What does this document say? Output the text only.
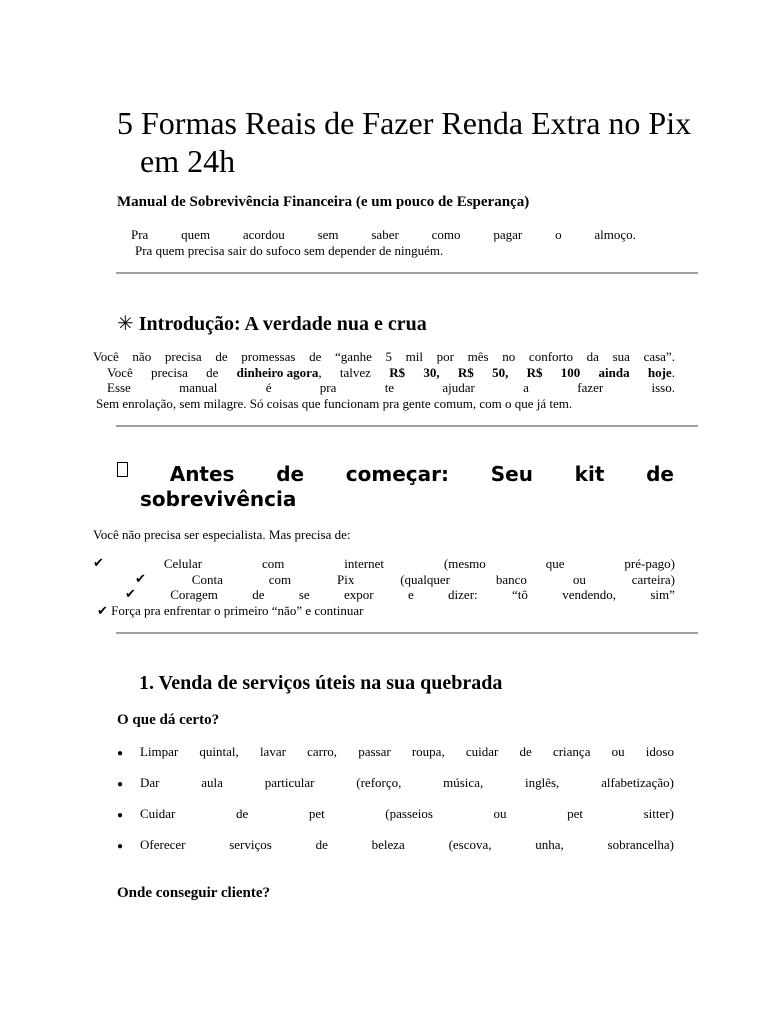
5 Formas Reais de Fazer Renda Extra no Pix em 24h

Manual de Sobrevivência Financeira (e um pouco de Esperança)

Pra	quem	acordou	sem	saber	como	pagar	o	almoço.
Pra quem precisa sair do sufoco sem depender de ninguém.
✳ Introdução: A verdade nua e crua
Você não precisa de promessas de “ganhe 5 mil por mês no conforto da sua casa”.
Você precisa de dinheiro agora, talvez R$ 30, R$ 50, R$ 100 ainda hoje.
Esse	manual	é	pra	te	ajudar	a	fazer	isso.
Sem enrolação, sem milagre. Só coisas que funcionam pra gente comum, com o que já tem.
Antes de começar: Seu kit de
sobrevivência

Você não precisa ser especialista. Mas precisa de:

✔	Celular	com	internet	(mesmo	que	pré-pago)
✔	Conta	com	Pix	(qualquer	banco	ou	carteira)
✔	Coragem	de	se	expor	e	dizer:	“tô	vendendo,	sim”
✔ Força pra enfrentar o primeiro “não” e continuar
1. Venda de serviços úteis na sua quebrada
O que dá certo?
●	Limpar quintal, lavar carro, passar roupa, cuidar de criança ou idoso
●	Dar	aula	particular	(reforço,	música,	inglês,	alfabetização)
●	Cuidar	de	pet	(passeios	ou	pet	sitter)
●	Oferecer	serviços	de	beleza	(escova,	unha,	sobrancelha)
Onde conseguir cliente?
